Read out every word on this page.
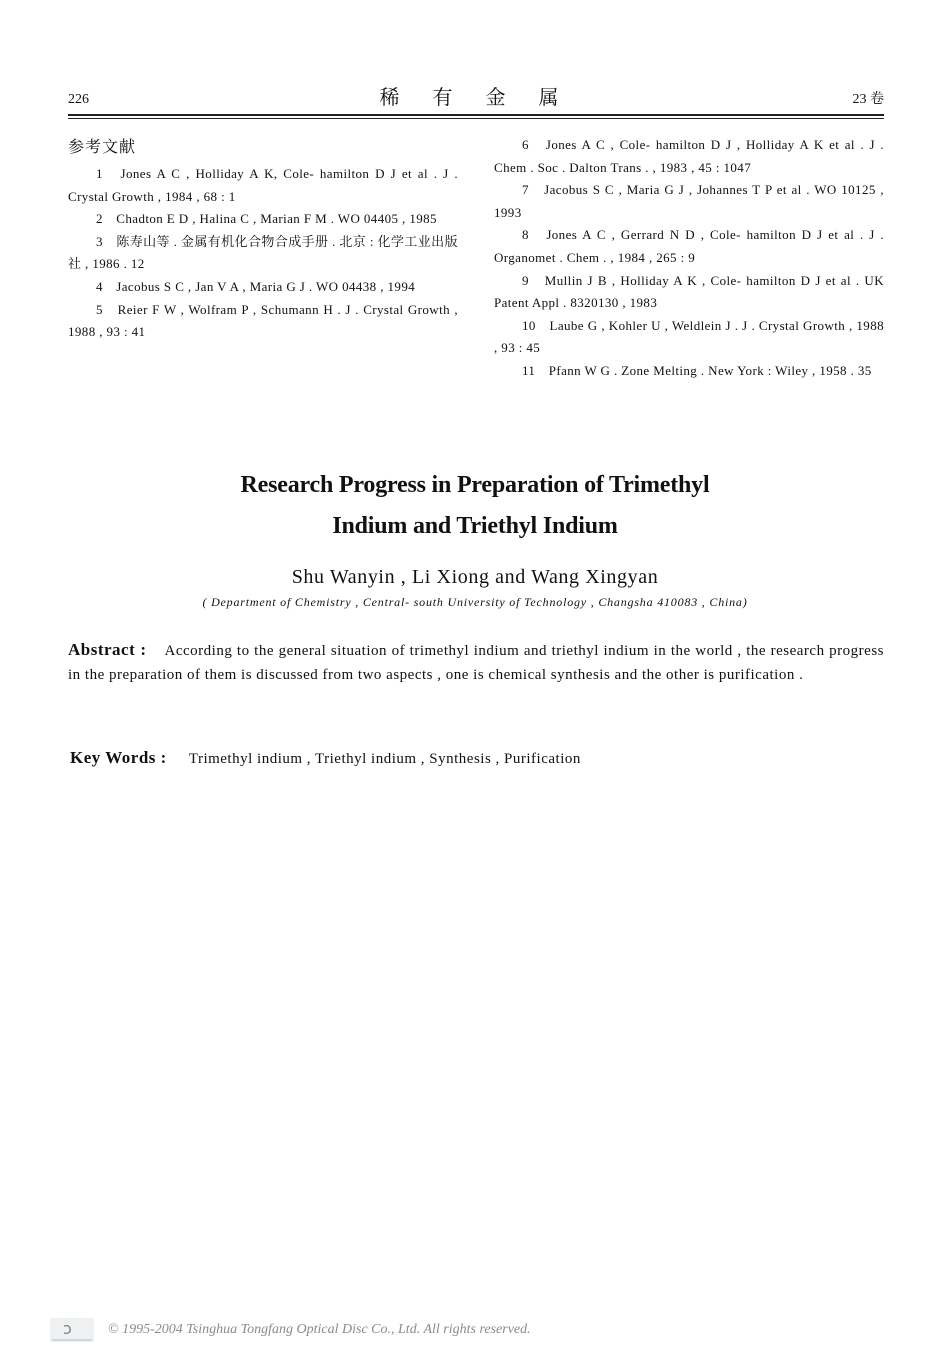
226	稀 有 金 属	23 卷
参考文献

1　Jones A C , Holliday A K, Cole- hamilton D J et al . J . Crystal Growth , 1984 , 68 : 1

2　Chadton E D , Halina C , Marian F M . WO 04405 , 1985

3　陈寿山等 . 金属有机化合物合成手册 . 北京 : 化学工业出版社 , 1986 . 12

4　Jacobus S C , Jan V A , Maria G J . WO 04438 , 1994

5　Reier F W , Wolfram P , Schumann H . J . Crystal Growth , 1988 , 93 : 41

6　Jones A C , Cole- hamilton D J , Holliday A K et al . J . Chem . Soc . Dalton Trans . , 1983 , 45 : 1047

7　Jacobus S C , Maria G J , Johannes T P et al . WO 10125 , 1993

8　Jones A C , Gerrard N D , Cole- hamilton D J et al . J . Organomet . Chem . , 1984 , 265 : 9

9　Mullin J B , Holliday A K , Cole- hamilton D J et al . UK Patent Appl . 8320130 , 1983

10　Laube G , Kohler U , Weldlein J . J . Crystal Growth , 1988 , 93 : 45

11　Pfann W G . Zone Melting . New York : Wiley , 1958 . 35

Research Progress in Preparation of Trimethyl
Indium and Triethyl Indium
Shu Wanyin , Li Xiong and Wang Xingyan
( Department of Chemistry , Central- south University of Technology , Changsha 410083 , China)
Abstract : According to the general situation of trimethyl indium and triethyl indium in the world , the research progress in the preparation of them is discussed from two aspects , one is chemical synthesis and the other is purification .
Key Words : Trimethyl indium , Triethyl indium , Synthesis , Purification
ↄ	© 1995-2004 Tsinghua Tongfang Optical Disc Co., Ltd. All rights reserved.
